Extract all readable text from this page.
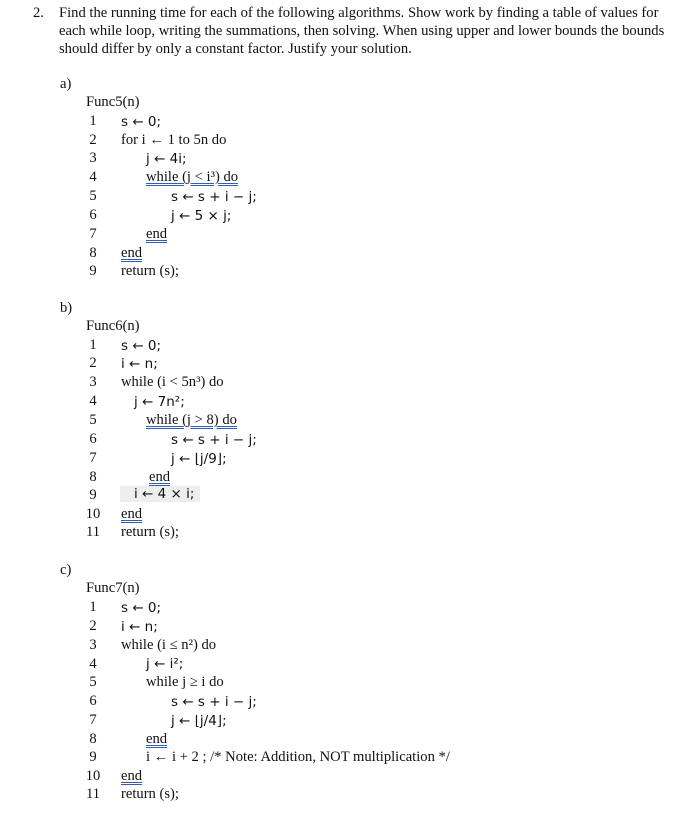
2. Find the running time for each of the following algorithms. Show work by finding a table of values for each while loop, writing the summations, then solving. When using upper and lower bounds the bounds should differ by only a constant factor. Justify your solution.
a)
Func5(n)
1	s ← 0;
2	for i ← 1 to 5n do
3	j ← 4i;
4	while (j < i³) do
5	s ← s + i − j;
6	j ← 5 × j;
7	end
8	end
9	return (s);
b)
Func6(n)
1	s ← 0;
2	i ← n;
3	while (i < 5n³) do
4	j ← 7n²;
5	while (j > 8) do
6	s ← s + i − j;
7	j ← ⌊j/9⌋;
8	end
9	i ← 4 × i;
10 end
11 return (s);
c)
Func7(n)
1	s ← 0;
2	i ← n;
3	while (i ≤ n²) do
4	j ← i²;
5	while j ≥ i do
6	s ← s + i − j;
7	j ← ⌊j/4⌋;
8	end
9	i ← i + 2 ; /* Note: Addition, NOT multiplication */
10 end
11 return (s);
